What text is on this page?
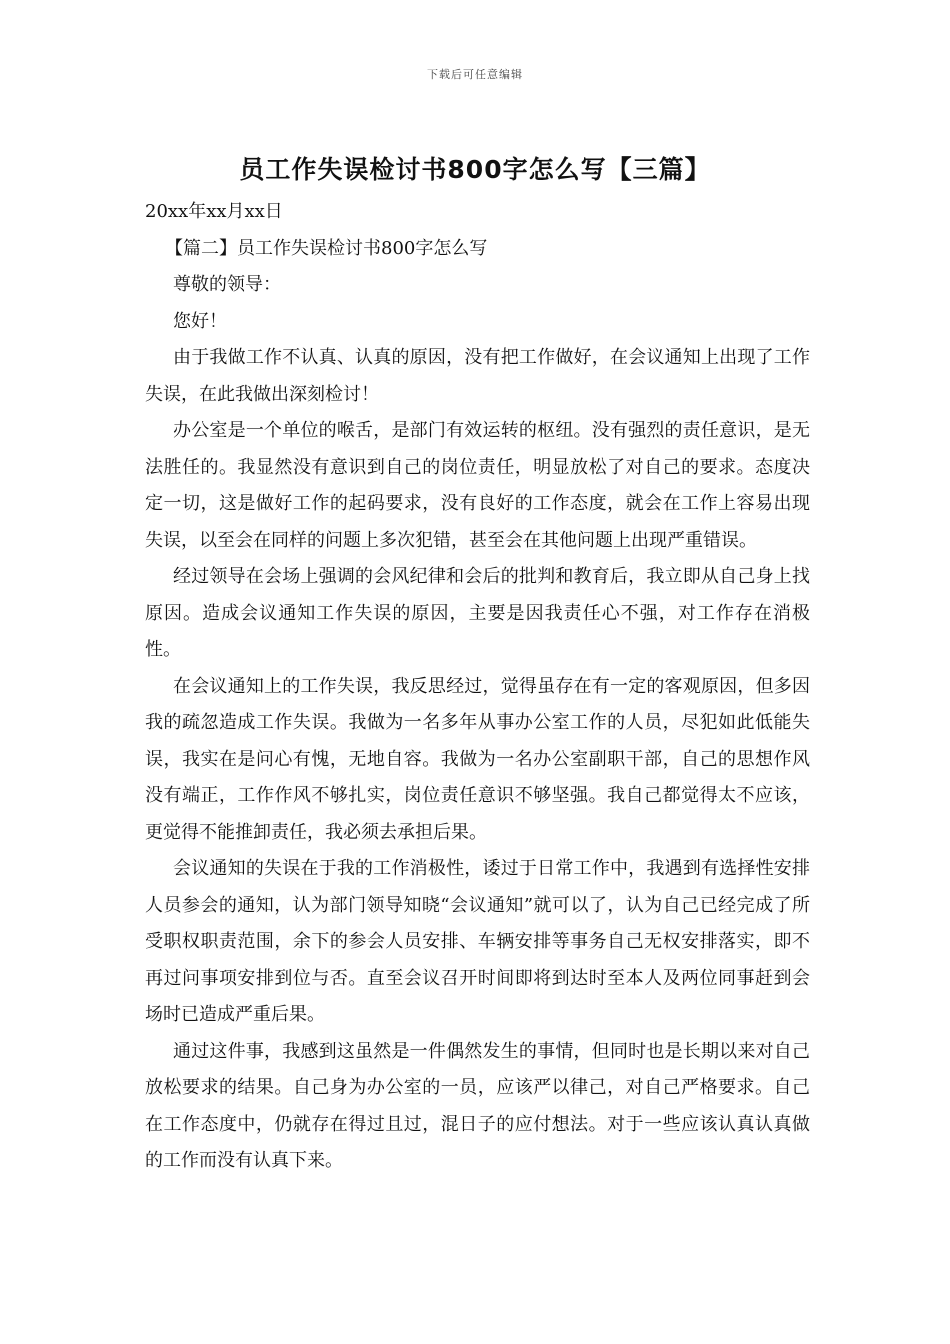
下载后可任意编辑
员工作失误检讨书800字怎么写【三篇】

20xx年xx月xx日

【篇二】员工作失误检讨书800字怎么写

尊敬的领导：

您好！

由于我做工作不认真、认真的原因，没有把工作做好，在会议通知上出现了工作失误，在此我做出深刻检讨！

办公室是一个单位的喉舌，是部门有效运转的枢纽。没有强烈的责任意识，是无法胜任的。我显然没有意识到自己的岗位责任，明显放松了对自己的要求。态度决定一切，这是做好工作的起码要求，没有良好的工作态度，就会在工作上容易出现失误，以至会在同样的问题上多次犯错，甚至会在其他问题上出现严重错误。

经过领导在会场上强调的会风纪律和会后的批判和教育后，我立即从自己身上找原因。造成会议通知工作失误的原因，主要是因我责任心不强，对工作存在消极性。

在会议通知上的工作失误，我反思经过，觉得虽存在有一定的客观原因，但多因我的疏忽造成工作失误。我做为一名多年从事办公室工作的人员，尽犯如此低能失误，我实在是问心有愧，无地自容。我做为一名办公室副职干部，自己的思想作风没有端正，工作作风不够扎实，岗位责任意识不够坚强。我自己都觉得太不应该，更觉得不能推卸责任，我必须去承担后果。

会议通知的失误在于我的工作消极性，诿过于日常工作中，我遇到有选择性安排人员参会的通知，认为部门领导知晓“会议通知”就可以了，认为自己已经完成了所受职权职责范围，余下的参会人员安排、车辆安排等事务自己无权安排落实，即不再过问事项安排到位与否。直至会议召开时间即将到达时至本人及两位同事赶到会场时已造成严重后果。

通过这件事，我感到这虽然是一件偶然发生的事情，但同时也是长期以来对自己放松要求的结果。自己身为办公室的一员，应该严以律己，对自己严格要求。自己在工作态度中，仍就存在得过且过，混日子的应付想法。对于一些应该认真认真做的工作而没有认真下来。
